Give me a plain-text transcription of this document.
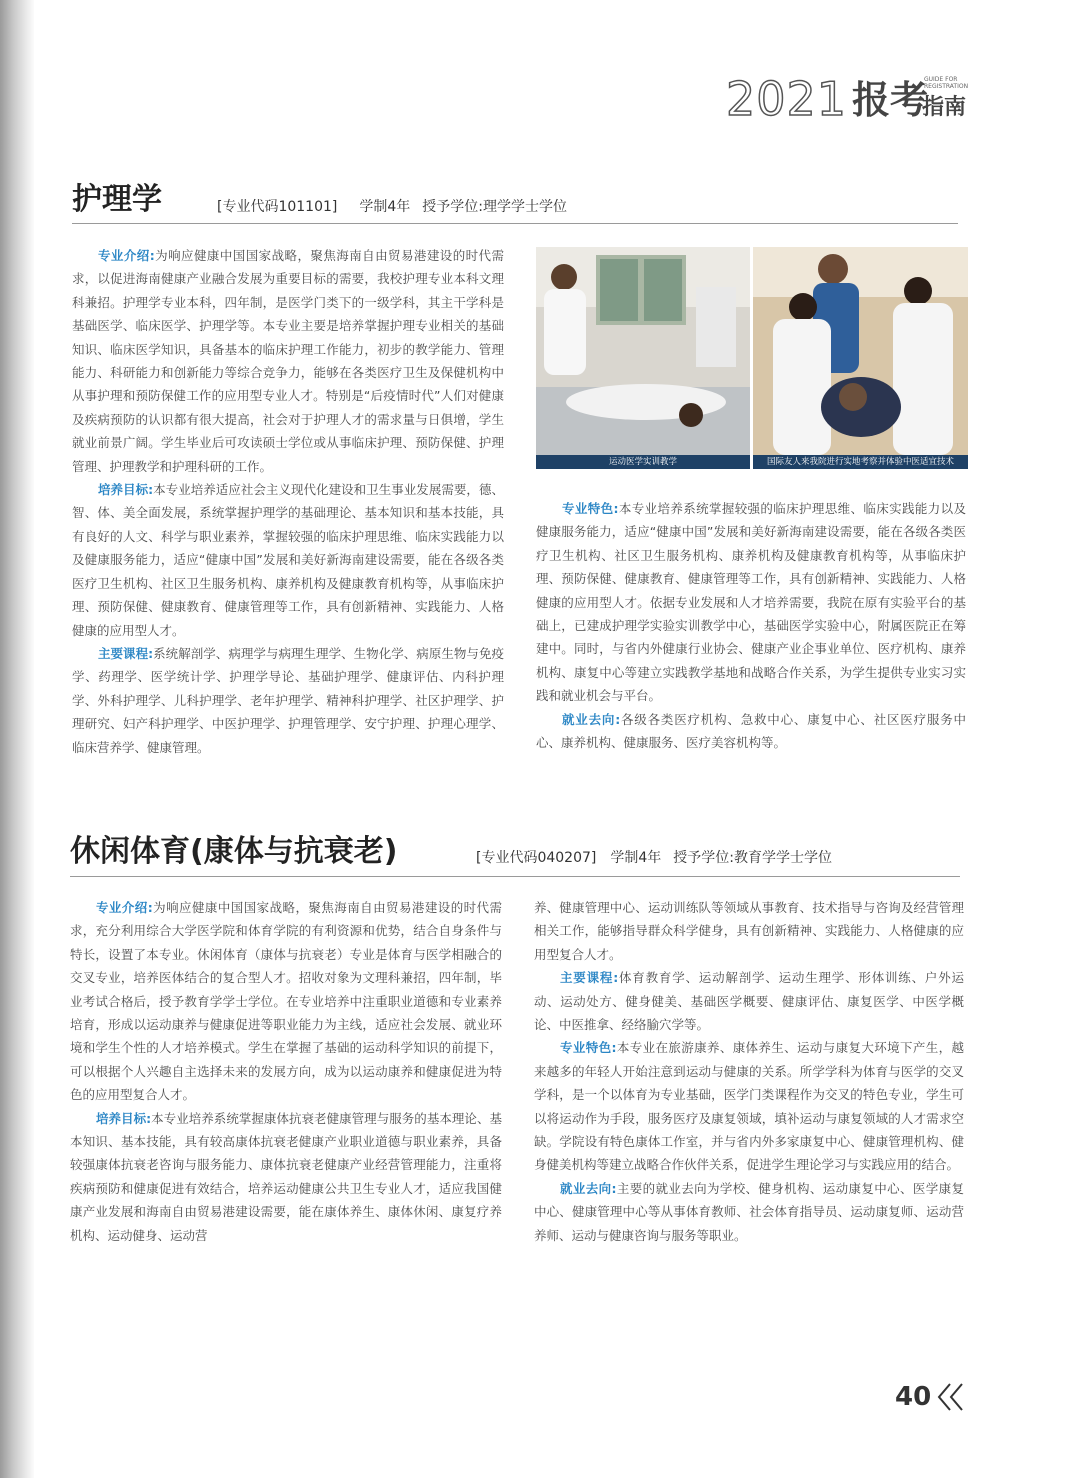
2021 报考
GUIDE FOR REGISTRATION
指南
护理学	[专业代码101101] 学制4年 授予学位:理学学士学位

专业介绍:为响应健康中国国家战略，聚焦海南自由贸易港建设的时代需求，以促进海南健康产业融合发展为重要目标的需要，我校护理专业本科文理科兼招。护理学专业本科，四年制，是医学门类下的一级学科，其主干学科是基础医学、临床医学、护理学等。本专业主要是培养掌握护理专业相关的基础知识、临床医学知识，具备基本的临床护理工作能力，初步的教学能力、管理能力、科研能力和创新能力等综合竞争力，能够在各类医疗卫生及保健机构中从事护理和预防保健工作的应用型专业人才。特别是“后疫情时代”人们对健康及疾病预防的认识都有很大提高，社会对于护理人才的需求量与日俱增，学生就业前景广阔。学生毕业后可攻读硕士学位或从事临床护理、预防保健、护理管理、护理教学和护理科研的工作。

培养目标:本专业培养适应社会主义现代化建设和卫生事业发展需要，德、智、体、美全面发展，系统掌握护理学的基础理论、基本知识和基本技能，具有良好的人文、科学与职业素养，掌握较强的临床护理思维、临床实践能力以及健康服务能力，适应“健康中国”发展和美好新海南建设需要，能在各级各类医疗卫生机构、社区卫生服务机构、康养机构及健康教育机构等，从事临床护理、预防保健、健康教育、健康管理等工作，具有创新精神、实践能力、人格健康的应用型人才。

主要课程:系统解剖学、病理学与病理生理学、生物化学、病原生物与免疫学、药理学、医学统计学、护理学导论、基础护理学、健康评估、内科护理学、外科护理学、儿科护理学、老年护理学、精神科护理学、社区护理学、护理研究、妇产科护理学、中医护理学、护理管理学、安宁护理、护理心理学、临床营养学、健康管理。

运动医学实训教学	国际友人来我院进行实地考察并体验中医适宜技术

专业特色:本专业培养系统掌握较强的临床护理思维、临床实践能力以及健康服务能力，适应“健康中国”发展和美好新海南建设需要，能在各级各类医疗卫生机构、社区卫生服务机构、康养机构及健康教育机构等，从事临床护理、预防保健、健康教育、健康管理等工作，具有创新精神、实践能力、人格健康的应用型人才。依据专业发展和人才培养需要，我院在原有实验平台的基础上，已建成护理学实验实训教学中心，基础医学实验中心，附属医院正在筹建中。同时，与省内外健康行业协会、健康产业企事业单位、医疗机构、康养机构、康复中心等建立实践教学基地和战略合作关系，为学生提供专业实习实践和就业机会与平台。

就业去向:各级各类医疗机构、急救中心、康复中心、社区医疗服务中心、康养机构、健康服务、医疗美容机构等。

休闲体育(康体与抗衰老)	[专业代码040207] 学制4年 授予学位:教育学学士学位

专业介绍:为响应健康中国国家战略，聚焦海南自由贸易港建设的时代需求，充分利用综合大学医学院和体育学院的有利资源和优势，结合自身条件与特长，设置了本专业。休闲体育（康体与抗衰老）专业是体育与医学相融合的交叉专业，培养医体结合的复合型人才。招收对象为文理科兼招，四年制，毕业考试合格后，授予教育学学士学位。在专业培养中注重职业道德和专业素养培育，形成以运动康养与健康促进等职业能力为主线，适应社会发展、就业环境和学生个性的人才培养模式。学生在掌握了基础的运动科学知识的前提下，可以根据个人兴趣自主选择未来的发展方向，成为以运动康养和健康促进为特色的应用型复合人才。

培养目标:本专业培养系统掌握康体抗衰老健康管理与服务的基本理论、基本知识、基本技能，具有较高康体抗衰老健康产业职业道德与职业素养，具备较强康体抗衰老咨询与服务能力、康体抗衰老健康产业经营管理能力，注重将疾病预防和健康促进有效结合，培养运动健康公共卫生专业人才，适应我国健康产业发展和海南自由贸易港建设需要，能在康体养生、康体休闲、康复疗养机构、运动健身、运动营

养、健康管理中心、运动训练队等领域从事教育、技术指导与咨询及经营管理相关工作，能够指导群众科学健身，具有创新精神、实践能力、人格健康的应用型复合人才。

主要课程:体育教育学、运动解剖学、运动生理学、形体训练、户外运动、运动处方、健身健美、基础医学概要、健康评估、康复医学、中医学概论、中医推拿、经络腧穴学等。

专业特色:本专业在旅游康养、康体养生、运动与康复大环境下产生，越来越多的年轻人开始注意到运动与健康的关系。所学学科为体育与医学的交叉学科，是一个以体育为专业基础，医学门类课程作为交叉的特色专业，学生可以将运动作为手段，服务医疗及康复领域，填补运动与康复领域的人才需求空缺。学院设有特色康体工作室，并与省内外多家康复中心、健康管理机构、健身健美机构等建立战略合作伙伴关系，促进学生理论学习与实践应用的结合。

就业去向:主要的就业去向为学校、健身机构、运动康复中心、医学康复中心、健康管理中心等从事体育教师、社会体育指导员、运动康复师、运动营养师、运动与健康咨询与服务等职业。

40
